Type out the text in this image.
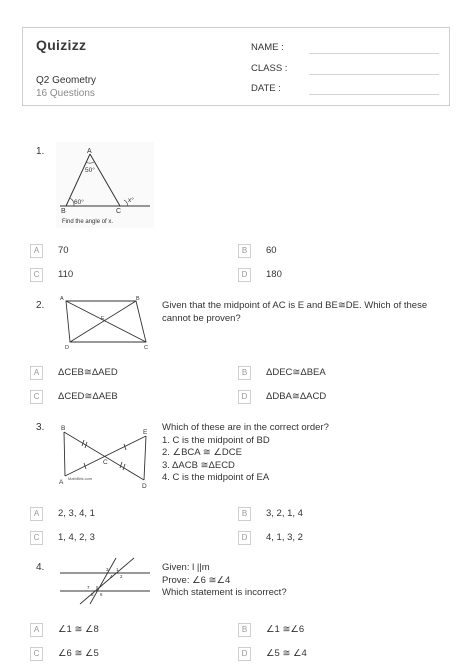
Quizizz
Q2 Geometry
16 Questions
NAME :
CLASS :
DATE :
1.	A
B	C
50°
60°	x°
Find the angle of x.
A	70	B	60
C	110	D	180
2.
A	B
E
D	C
Given that the midpoint of AC is E and BE≅DE. Which of these
cannot be proven?
A	ΔCEB≅ΔAED	B	ΔDEC≅ΔBEA
C	ΔCED≅ΔAEB	D	ΔDBA≅ΔACD
3.	B
E
C
A
D
MathBits.com
Which of these are in the correct order?
1. C is the midpoint of BD
2. ∠BCA ≅ ∠DCE
3. ΔACB ≅ΔECD
4. C is the midpoint of EA
A	2, 3, 4, 1	B	3, 2, 1, 4
C	1, 4, 2, 3	D	4, 1, 3, 2
4.	1
2
3
4
5
6
7
8
Given: l ||m
Prove: ∠6 ≅∠4
Which statement is incorrect?
A	∠1 ≅ ∠8	B	∠1 ≅∠6
C	∠6 ≅ ∠5	D	∠5 ≅ ∠4
